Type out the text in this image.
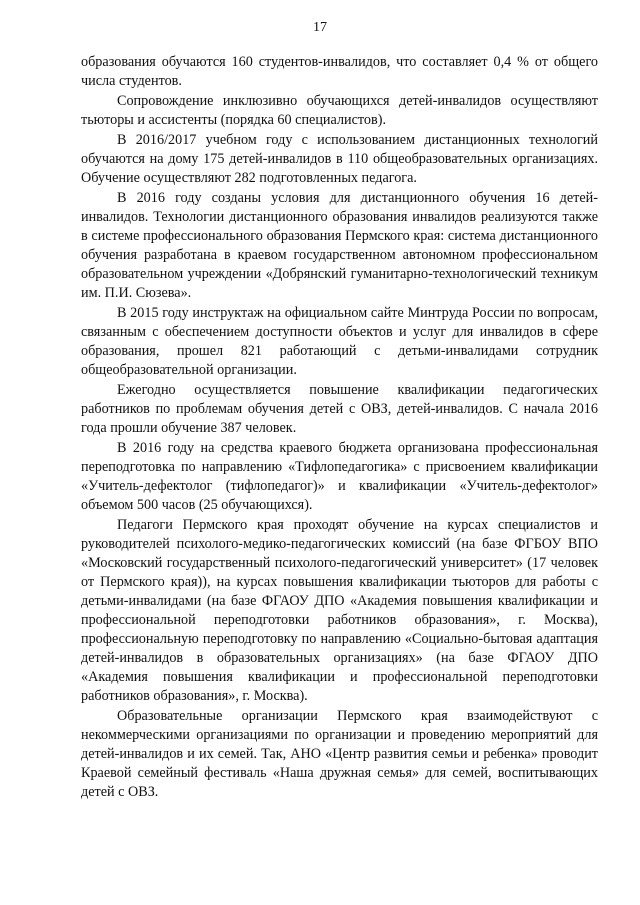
17

образования обучаются 160 студентов-инвалидов, что составляет 0,4 % от общего числа студентов.

Сопровождение инклюзивно обучающихся детей-инвалидов осуществляют тьюторы и ассистенты (порядка 60 специалистов).

В 2016/2017 учебном году с использованием дистанционных технологий обучаются на дому 175 детей-инвалидов в 110 общеобразовательных организациях. Обучение осуществляют 282 подготовленных педагога.

В 2016 году созданы условия для дистанционного обучения 16 детей-инвалидов. Технологии дистанционного образования инвалидов реализуются также в системе профессионального образования Пермского края: система дистанционного обучения разработана в краевом государственном автономном профессиональном образовательном учреждении «Добрянский гуманитарно-технологический техникум им. П.И. Сюзева».

В 2015 году инструктаж на официальном сайте Минтруда России по вопросам, связанным с обеспечением доступности объектов и услуг для инвалидов в сфере образования, прошел 821 работающий с детьми-инвалидами сотрудник общеобразовательной организации.

Ежегодно осуществляется повышение квалификации педагогических работников по проблемам обучения детей с ОВЗ, детей-инвалидов. С начала 2016 года прошли обучение 387 человек.

В 2016 году на средства краевого бюджета организована профессиональная переподготовка по направлению «Тифлопедагогика» с присвоением квалификации «Учитель-дефектолог (тифлопедагог)» и квалификации «Учитель-дефектолог» объемом 500 часов (25 обучающихся).

Педагоги Пермского края проходят обучение на курсах специалистов и руководителей психолого-медико-педагогических комиссий (на базе ФГБОУ ВПО «Московский государственный психолого-педагогический университет» (17 человек от Пермского края)), на курсах повышения квалификации тьюторов для работы с детьми-инвалидами (на базе ФГАОУ ДПО «Академия повышения квалификации и профессиональной переподготовки работников образования», г. Москва), профессиональную переподготовку по направлению «Социально-бытовая адаптация детей-инвалидов в образовательных организациях» (на базе ФГАОУ ДПО «Академия повышения квалификации и профессиональной переподготовки работников образования», г. Москва).

Образовательные организации Пермского края взаимодействуют с некоммерческими организациями по организации и проведению мероприятий для детей-инвалидов и их семей. Так, АНО «Центр развития семьи и ребенка» проводит Краевой семейный фестиваль «Наша дружная семья» для семей, воспитывающих детей с ОВЗ.
